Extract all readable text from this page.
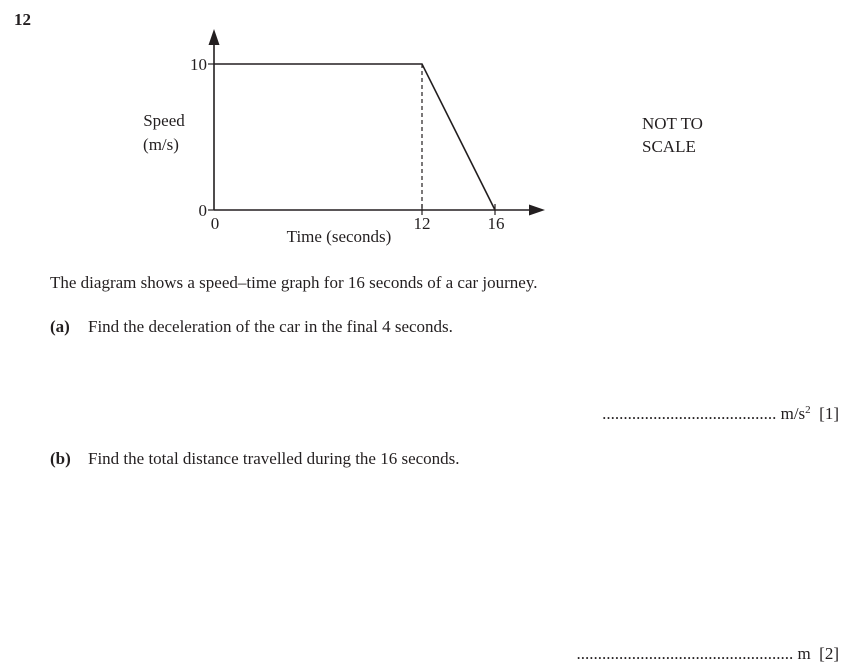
12
10
0
0	12	16
Speed
(m/s)
Time (seconds)
NOT TO
SCALE
The diagram shows a speed–time graph for 16 seconds of a car journey.
(a) Find the deceleration of the car in the final 4 seconds.
......................................... $m/s^2$ [1]
(b) Find the total distance travelled during the 16 seconds.
................................................... m [2]
